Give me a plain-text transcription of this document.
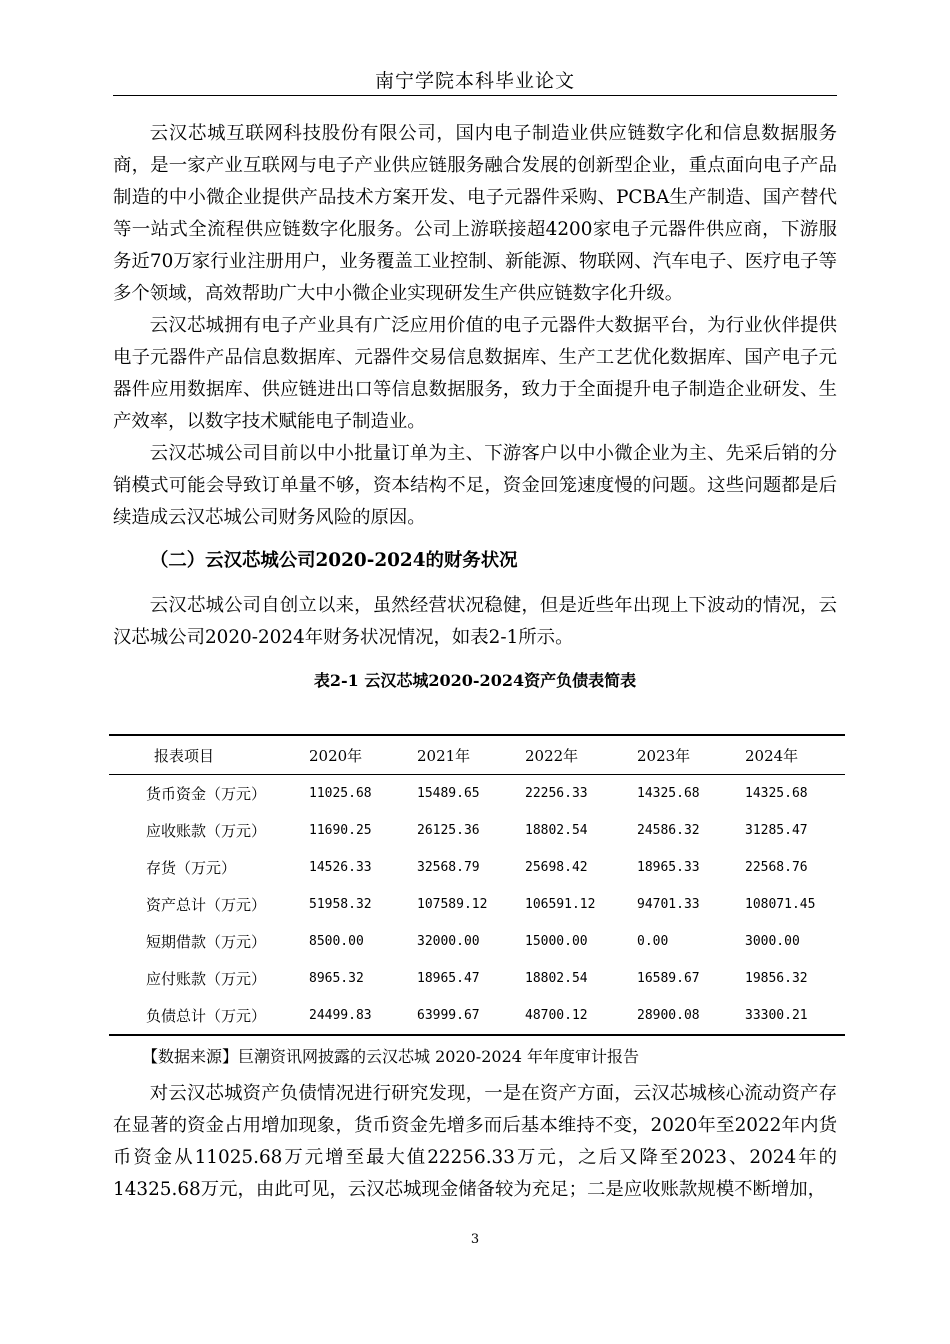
南宁学院本科毕业论文

云汉芯城互联网科技股份有限公司，国内电子制造业供应链数字化和信息数据服务商，是一家产业互联网与电子产业供应链服务融合发展的创新型企业，重点面向电子产品制造的中小微企业提供产品技术方案开发、电子元器件采购、PCBA生产制造、国产替代等一站式全流程供应链数字化服务。公司上游联接超4200家电子元器件供应商，下游服务近70万家行业注册用户，业务覆盖工业控制、新能源、物联网、汽车电子、医疗电子等多个领域，高效帮助广大中小微企业实现研发生产供应链数字化升级。

云汉芯城拥有电子产业具有广泛应用价值的电子元器件大数据平台，为行业伙伴提供电子元器件产品信息数据库、元器件交易信息数据库、生产工艺优化数据库、国产电子元器件应用数据库、供应链进出口等信息数据服务，致力于全面提升电子制造企业研发、生产效率，以数字技术赋能电子制造业。

云汉芯城公司目前以中小批量订单为主、下游客户以中小微企业为主、先采后销的分销模式可能会导致订单量不够，资本结构不足，资金回笼速度慢的问题。这些问题都是后续造成云汉芯城公司财务风险的原因。

（二）云汉芯城公司2020-2024的财务状况

云汉芯城公司自创立以来，虽然经营状况稳健，但是近些年出现上下波动的情况，云汉芯城公司2020-2024年财务状况情况，如表2-1所示。

表2-1 云汉芯城2020-2024资产负债表简表
报表项目	2020年	2021年	2022年	2023年	2024年
货币资金（万元）	11025.68	15489.65	22256.33	14325.68	14325.68
应收账款（万元）	11690.25	26125.36	18802.54	24586.32	31285.47
存货（万元）	14526.33	32568.79	25698.42	18965.33	22568.76
资产总计（万元）	51958.32	107589.12	106591.12	94701.33	108071.45
短期借款（万元）	8500.00	32000.00	15000.00	0.00	3000.00
应付账款（万元）	8965.32	18965.47	18802.54	16589.67	19856.32
负债总计（万元）	24499.83	63999.67	48700.12	28900.08	33300.21

【数据来源】巨潮资讯网披露的云汉芯城 2020-2024 年年度审计报告

对云汉芯城资产负债情况进行研究发现，一是在资产方面，云汉芯城核心流动资产存在显著的资金占用增加现象，货币资金先增多而后基本维持不变，2020年至2022年内货币资金从11025.68万元增至最大值22256.33万元，之后又降至2023、2024年的14325.68万元，由此可见，云汉芯城现金储备较为充足；二是应收账款规模不断增加，

3
